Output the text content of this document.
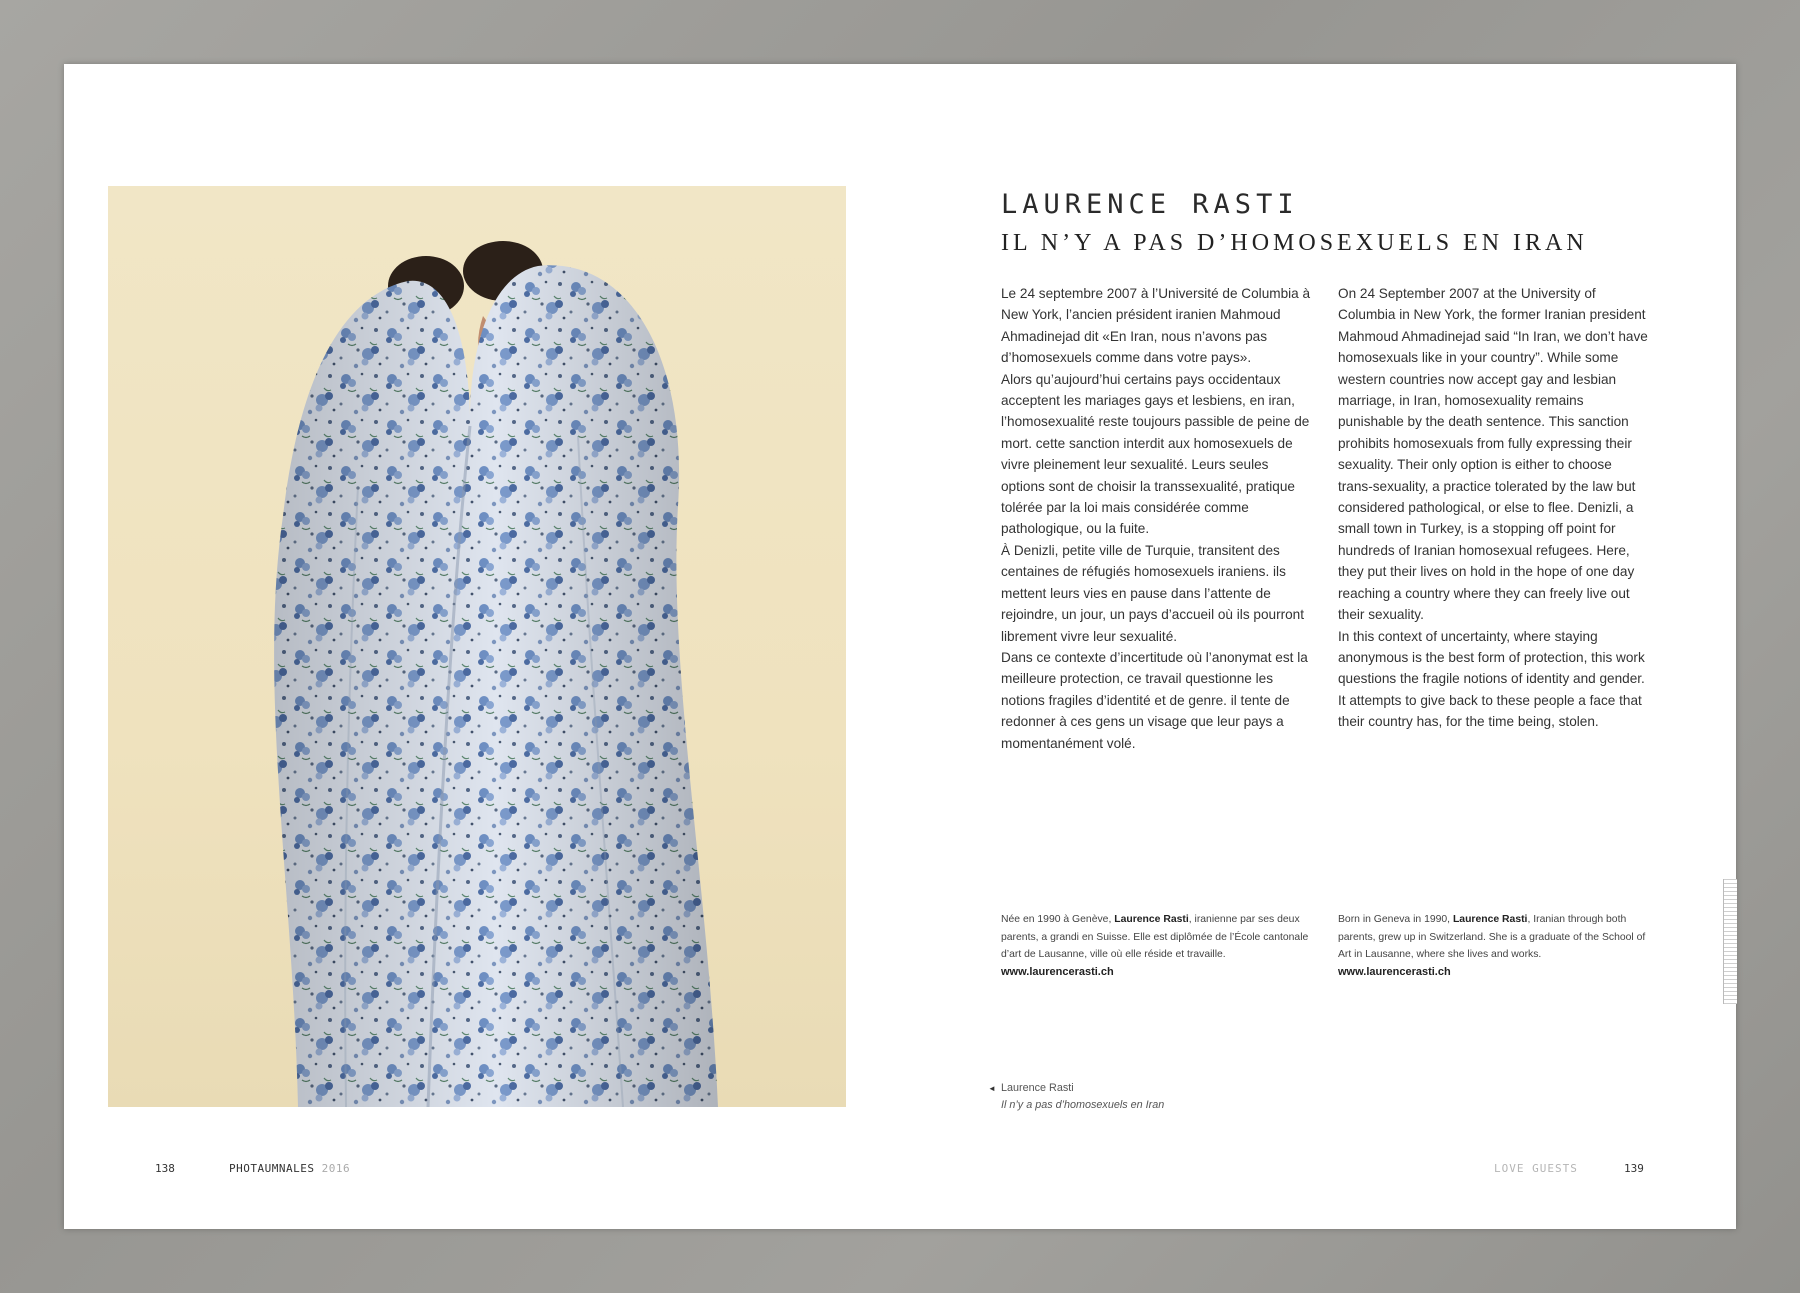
LAURENCE RASTI
IL N’Y A PAS D’HOMOSEXUELS EN IRAN

Le 24 septembre 2007 à l’Université de Columbia à New York, l’ancien président iranien Mahmoud Ahmadinejad dit «En Iran, nous n’avons pas d’homosexuels comme dans votre pays».

Alors qu’aujourd’hui certains pays occidentaux acceptent les mariages gays et lesbiens, en iran, l’homosexualité reste toujours passible de peine de mort. cette sanction interdit aux homosexuels de vivre pleinement leur sexualité. Leurs seules options sont de choisir la transsexualité, pratique tolérée par la loi mais considérée comme pathologique, ou la fuite.

À Denizli, petite ville de Turquie, transitent des centaines de réfugiés homosexuels iraniens. ils mettent leurs vies en pause dans l’attente de rejoindre, un jour, un pays d’accueil où ils pourront librement vivre leur sexualité.

Dans ce contexte d’incertitude où l’anonymat est la meilleure protection, ce travail questionne les notions fragiles d’identité et de genre. il tente de redonner à ces gens un visage que leur pays a momentanément volé.

On 24 September 2007 at the University of Columbia in New York, the former Iranian president Mahmoud Ahmadinejad said “In Iran, we don’t have homosexuals like in your country”. While some western countries now accept gay and lesbian marriage, in Iran, homosexuality remains punishable by the death sentence. This sanction prohibits homosexuals from fully expressing their sexuality. Their only option is either to choose trans-sexuality, a practice tolerated by the law but considered pathological, or else to flee. Denizli, a small town in Turkey, is a stopping off point for hundreds of Iranian homosexual refugees. Here, they put their lives on hold in the hope of one day reaching a country where they can freely live out their sexuality.

In this context of uncertainty, where staying anonymous is the best form of protection, this work questions the fragile notions of identity and gender. It attempts to give back to these people a face that their country has, for the time being, stolen.

Née en 1990 à Genève, Laurence Rasti, iranienne par ses deux parents, a grandi en Suisse. Elle est diplômée de l’École cantonale d’art de Lausanne, ville où elle réside et travaille.
www.laurencerasti.ch
Born in Geneva in 1990, Laurence Rasti, Iranian through both parents, grew up in Switzerland. She is a graduate of the School of Art in Lausanne, where she lives and works.
www.laurencerasti.ch
◄ Laurence Rasti
Il n’y a pas d’homosexuels en Iran
138	PHOTAUMNALES 2016	LOVE GUESTS	139
